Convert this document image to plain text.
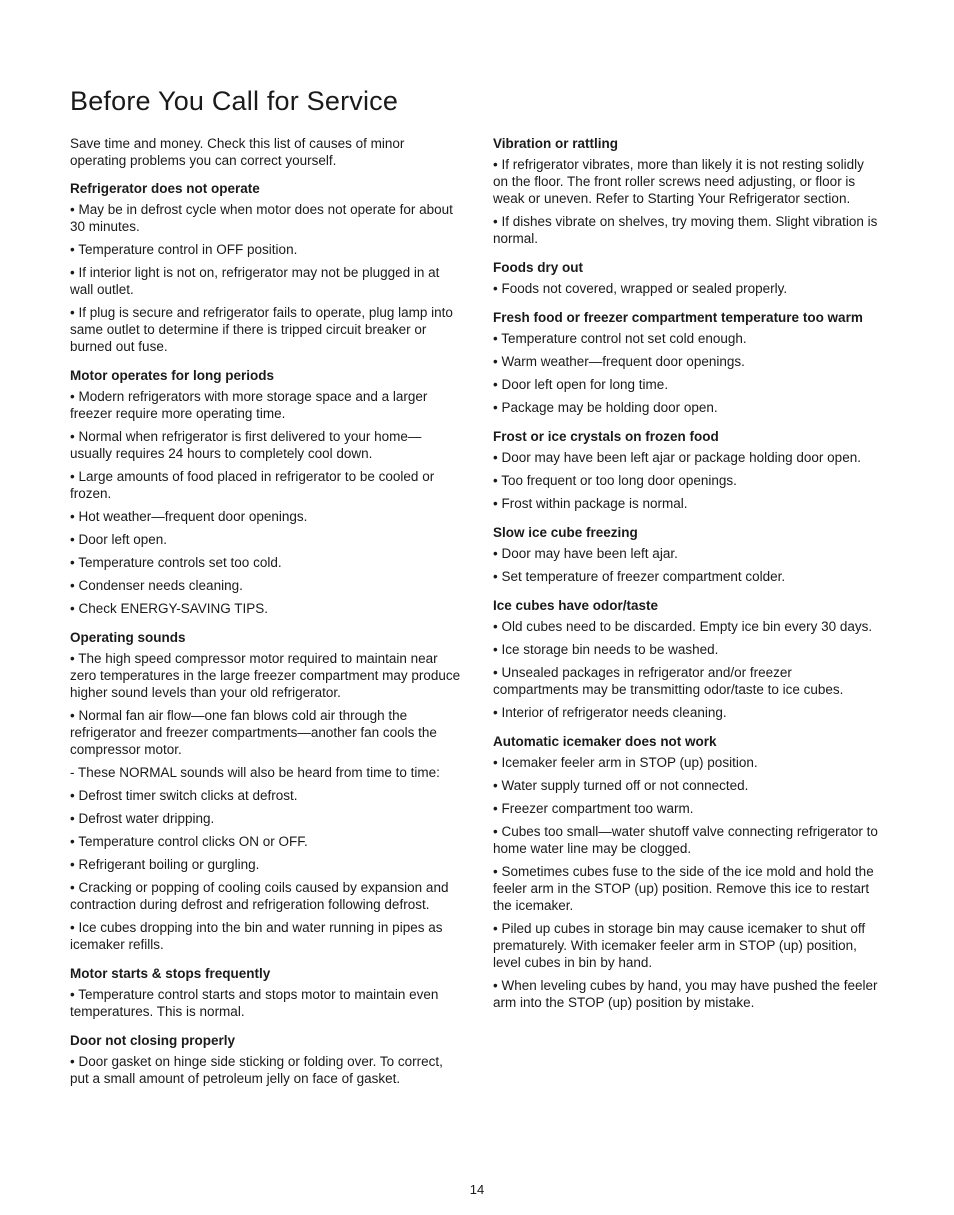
Before You Call for Service

Save time and money. Check this list of causes of minor operating problems you can correct yourself.

Refrigerator does not operate
• May be in defrost cycle when motor does not operate for about 30 minutes.
• Temperature control in OFF position.
• If interior light is not on, refrigerator may not be plugged in at wall outlet.
• If plug is secure and refrigerator fails to operate, plug lamp into same outlet to determine if there is tripped circuit breaker or burned out fuse.
Motor operates for long periods
• Modern refrigerators with more storage space and a larger freezer require more operating time.
• Normal when refrigerator is first delivered to your home— usually requires 24 hours to completely cool down.
• Large amounts of food placed in refrigerator to be cooled or frozen.
• Hot weather—frequent door openings.
• Door left open.
• Temperature controls set too cold.
• Condenser needs cleaning.
• Check ENERGY-SAVING TIPS.
Operating sounds
• The high speed compressor motor required to maintain near zero temperatures in the large freezer compartment may produce higher sound levels than your old refrigerator.
• Normal fan air flow—one fan blows cold air through the refrigerator and freezer compartments—another fan cools the compressor motor.
- These NORMAL sounds will also be heard from time to time:
• Defrost timer switch clicks at defrost.
• Defrost water dripping.
• Temperature control clicks ON or OFF.
• Refrigerant boiling or gurgling.
• Cracking or popping of cooling coils caused by expansion and contraction during defrost and refrigeration following defrost.
• Ice cubes dropping into the bin and water running in pipes as icemaker refills.
Motor starts & stops frequently
• Temperature control starts and stops motor to maintain even temperatures. This is normal.
Door not closing properly
• Door gasket on hinge side sticking or folding over. To correct, put a small amount of petroleum jelly on face of gasket.
Vibration or rattling
• If refrigerator vibrates, more than likely it is not resting solidly on the floor. The front roller screws need adjusting, or floor is weak or uneven. Refer to Starting Your Refrigerator section.
• If dishes vibrate on shelves, try moving them. Slight vibration is normal.
Foods dry out
• Foods not covered, wrapped or sealed properly.
Fresh food or freezer compartment temperature too warm
• Temperature control not set cold enough.
• Warm weather—frequent door openings.
• Door left open for long time.
• Package may be holding door open.
Frost or ice crystals on frozen food
• Door may have been left ajar or package holding door open.
• Too frequent or too long door openings.
• Frost within package is normal.
Slow ice cube freezing
• Door may have been left ajar.
• Set temperature of freezer compartment colder.
Ice cubes have odor/taste
• Old cubes need to be discarded. Empty ice bin every 30 days.
• Ice storage bin needs to be washed.
• Unsealed packages in refrigerator and/or freezer compartments may be transmitting odor/taste to ice cubes.
• Interior of refrigerator needs cleaning.
Automatic icemaker does not work
• Icemaker feeler arm in STOP (up) position.
• Water supply turned off or not connected.
• Freezer compartment too warm.
• Cubes too small—water shutoff valve connecting refrigerator to home water line may be clogged.
• Sometimes cubes fuse to the side of the ice mold and hold the feeler arm in the STOP (up) position. Remove this ice to restart the icemaker.
• Piled up cubes in storage bin may cause icemaker to shut off prematurely. With icemaker feeler arm in STOP (up) position, level cubes in bin by hand.
• When leveling cubes by hand, you may have pushed the feeler arm into the STOP (up) position by mistake.
14
